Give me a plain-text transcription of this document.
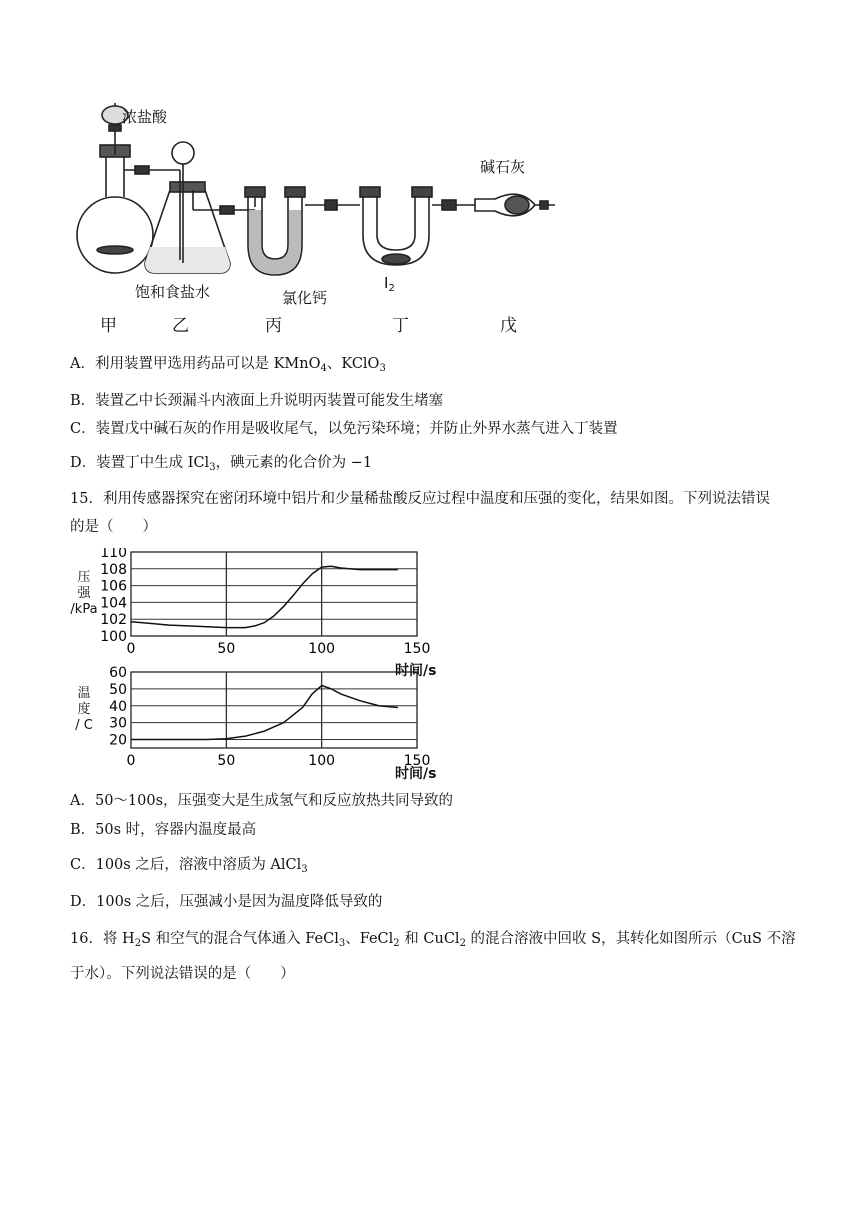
浓盐酸
碱石灰
饱和食盐水	氯化钙
$I_2$
甲	乙	丙	丁	戊
A．利用装置甲选用药品可以是 KMnO$_4$、KClO$_3$
B．装置乙中长颈漏斗内液面上升说明丙装置可能发生堵塞
C．装置戊中碱石灰的作用是吸收尾气，以免污染环境；并防止外界水蒸气进入丁装置
D．装置丁中生成 ICl$_3$，碘元素的化合价为 −1
15．利用传感器探究在密闭环境中铝片和少量稀盐酸反应过程中温度和压强的变化，结果如图。下列说法错误
的是（　　）
压
强
/kPa
100
102
104
106
108
110
0	50	100	150
时间/s
温
度
/ C
20
30
40
50
60
0	50	100	150
时间/s
A．50～100s，压强变大是生成氢气和反应放热共同导致的
B．50s 时，容器内温度最高
C．100s 之后，溶液中溶质为 AlCl$_3$
D．100s 之后，压强减小是因为温度降低导致的
16．将 $H_2S$ 和空气的混合气体通入 FeCl$_3$、FeCl$_2$ 和 CuCl$_2$ 的混合溶液中回收 S，其转化如图所示（CuS 不溶
于水）。下列说法错误的是（　　）
